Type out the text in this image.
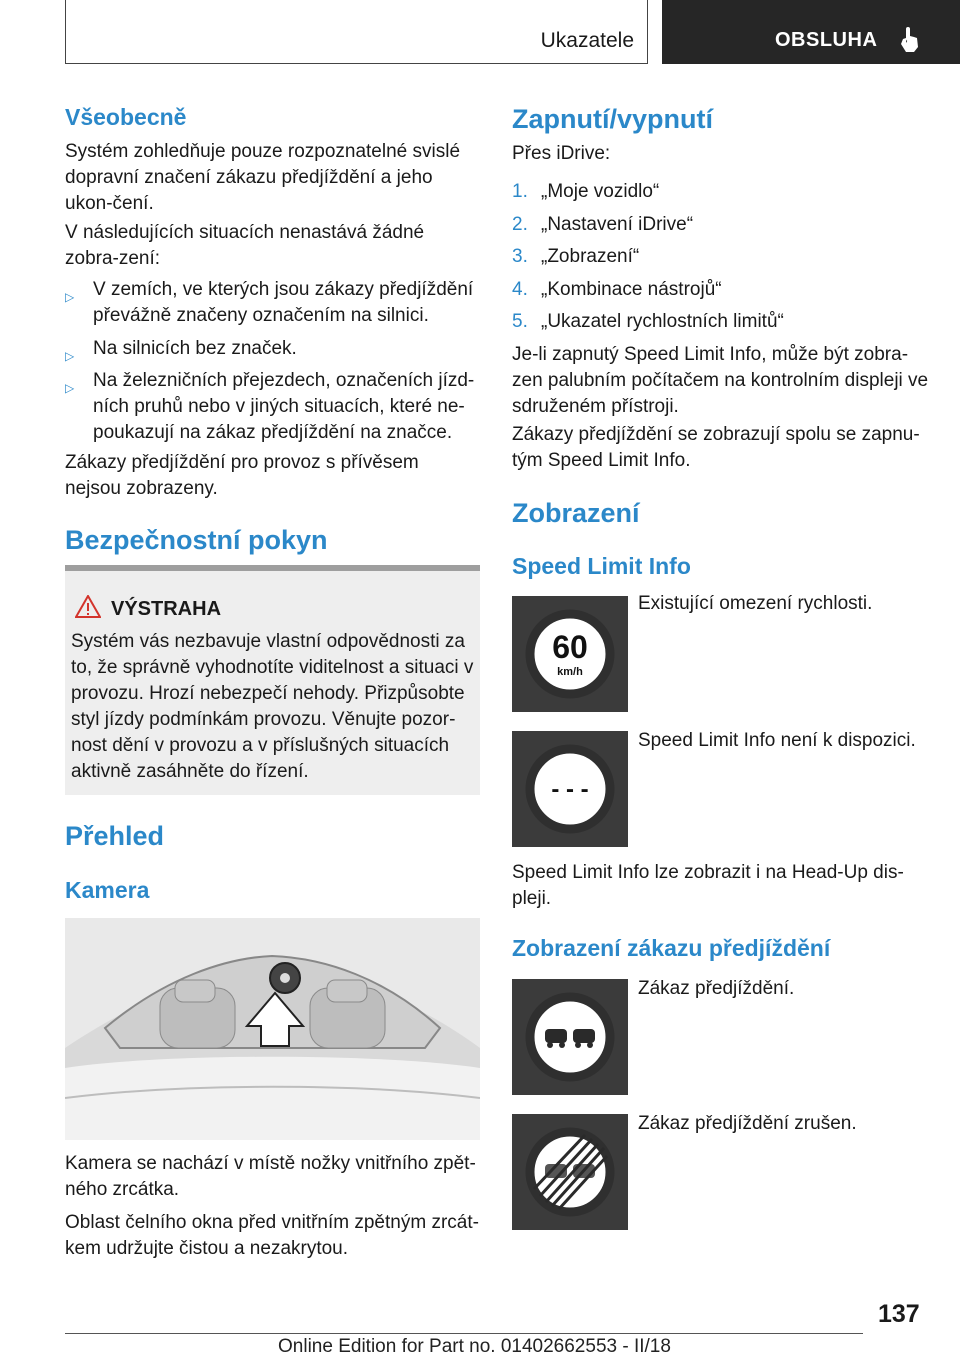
Ukazatele	OBSLUHA
Všeobecně

Systém zohledňuje pouze rozpoznatelné svislé dopravní značení zákazu předjíždění a jeho ukon‐čení.

V následujících situacích nenastává žádné zobra‐zení:

▷ V zemích, ve kterých jsou zákazy předjíždění převážně značeny označením na silnici.
▷ Na silnicích bez značek.
▷ Na železničních přejezdech, označeních jízd‐ních pruhů nebo v jiných situacích, které ne‐poukazují na zákaz předjíždění na značce.

Zákazy předjíždění pro provoz s přívěsem nejsou zobrazeny.

Bezpečnostní pokyn
VÝSTRAHA
Systém vás nezbavuje vlastní odpovědnosti za to, že správně vyhodnotíte viditelnost a situaci v provozu. Hrozí nebezpečí nehody. Přizpůsobte styl jízdy podmínkám provozu. Věnujte pozor‐nost dění v provozu a v příslušných situacích aktivně zasáhněte do řízení.
Přehled
Kamera

Kamera se nachází v místě nožky vnitřního zpět‐ného zrcátka.

Oblast čelního okna před vnitřním zpětným zrcát‐kem udržujte čistou a nezakrytou.

Zapnutí/vypnutí

Přes iDrive:

1. „Moje vozidlo“
2. „Nastavení iDrive“
3. „Zobrazení“
4. „Kombinace nástrojů“
5. „Ukazatel rychlostních limitů“

Je-li zapnutý Speed Limit Info, může být zobra‐zen palubním počítačem na kontrolním displeji ve sdruženém přístroji.

Zákazy předjíždění se zobrazují spolu se zapnu‐tým Speed Limit Info.

Zobrazení
Speed Limit Info
60
km/h
Existující omezení rychlosti.
- - -
Speed Limit Info není k dispozici.

Speed Limit Info lze zobrazit i na Head-Up dis‐pleji.

Zobrazení zákazu předjíždění
Zákaz předjíždění.
Zákaz předjíždění zrušen.
137
Online Edition for Part no. 01402662553 - II/18
